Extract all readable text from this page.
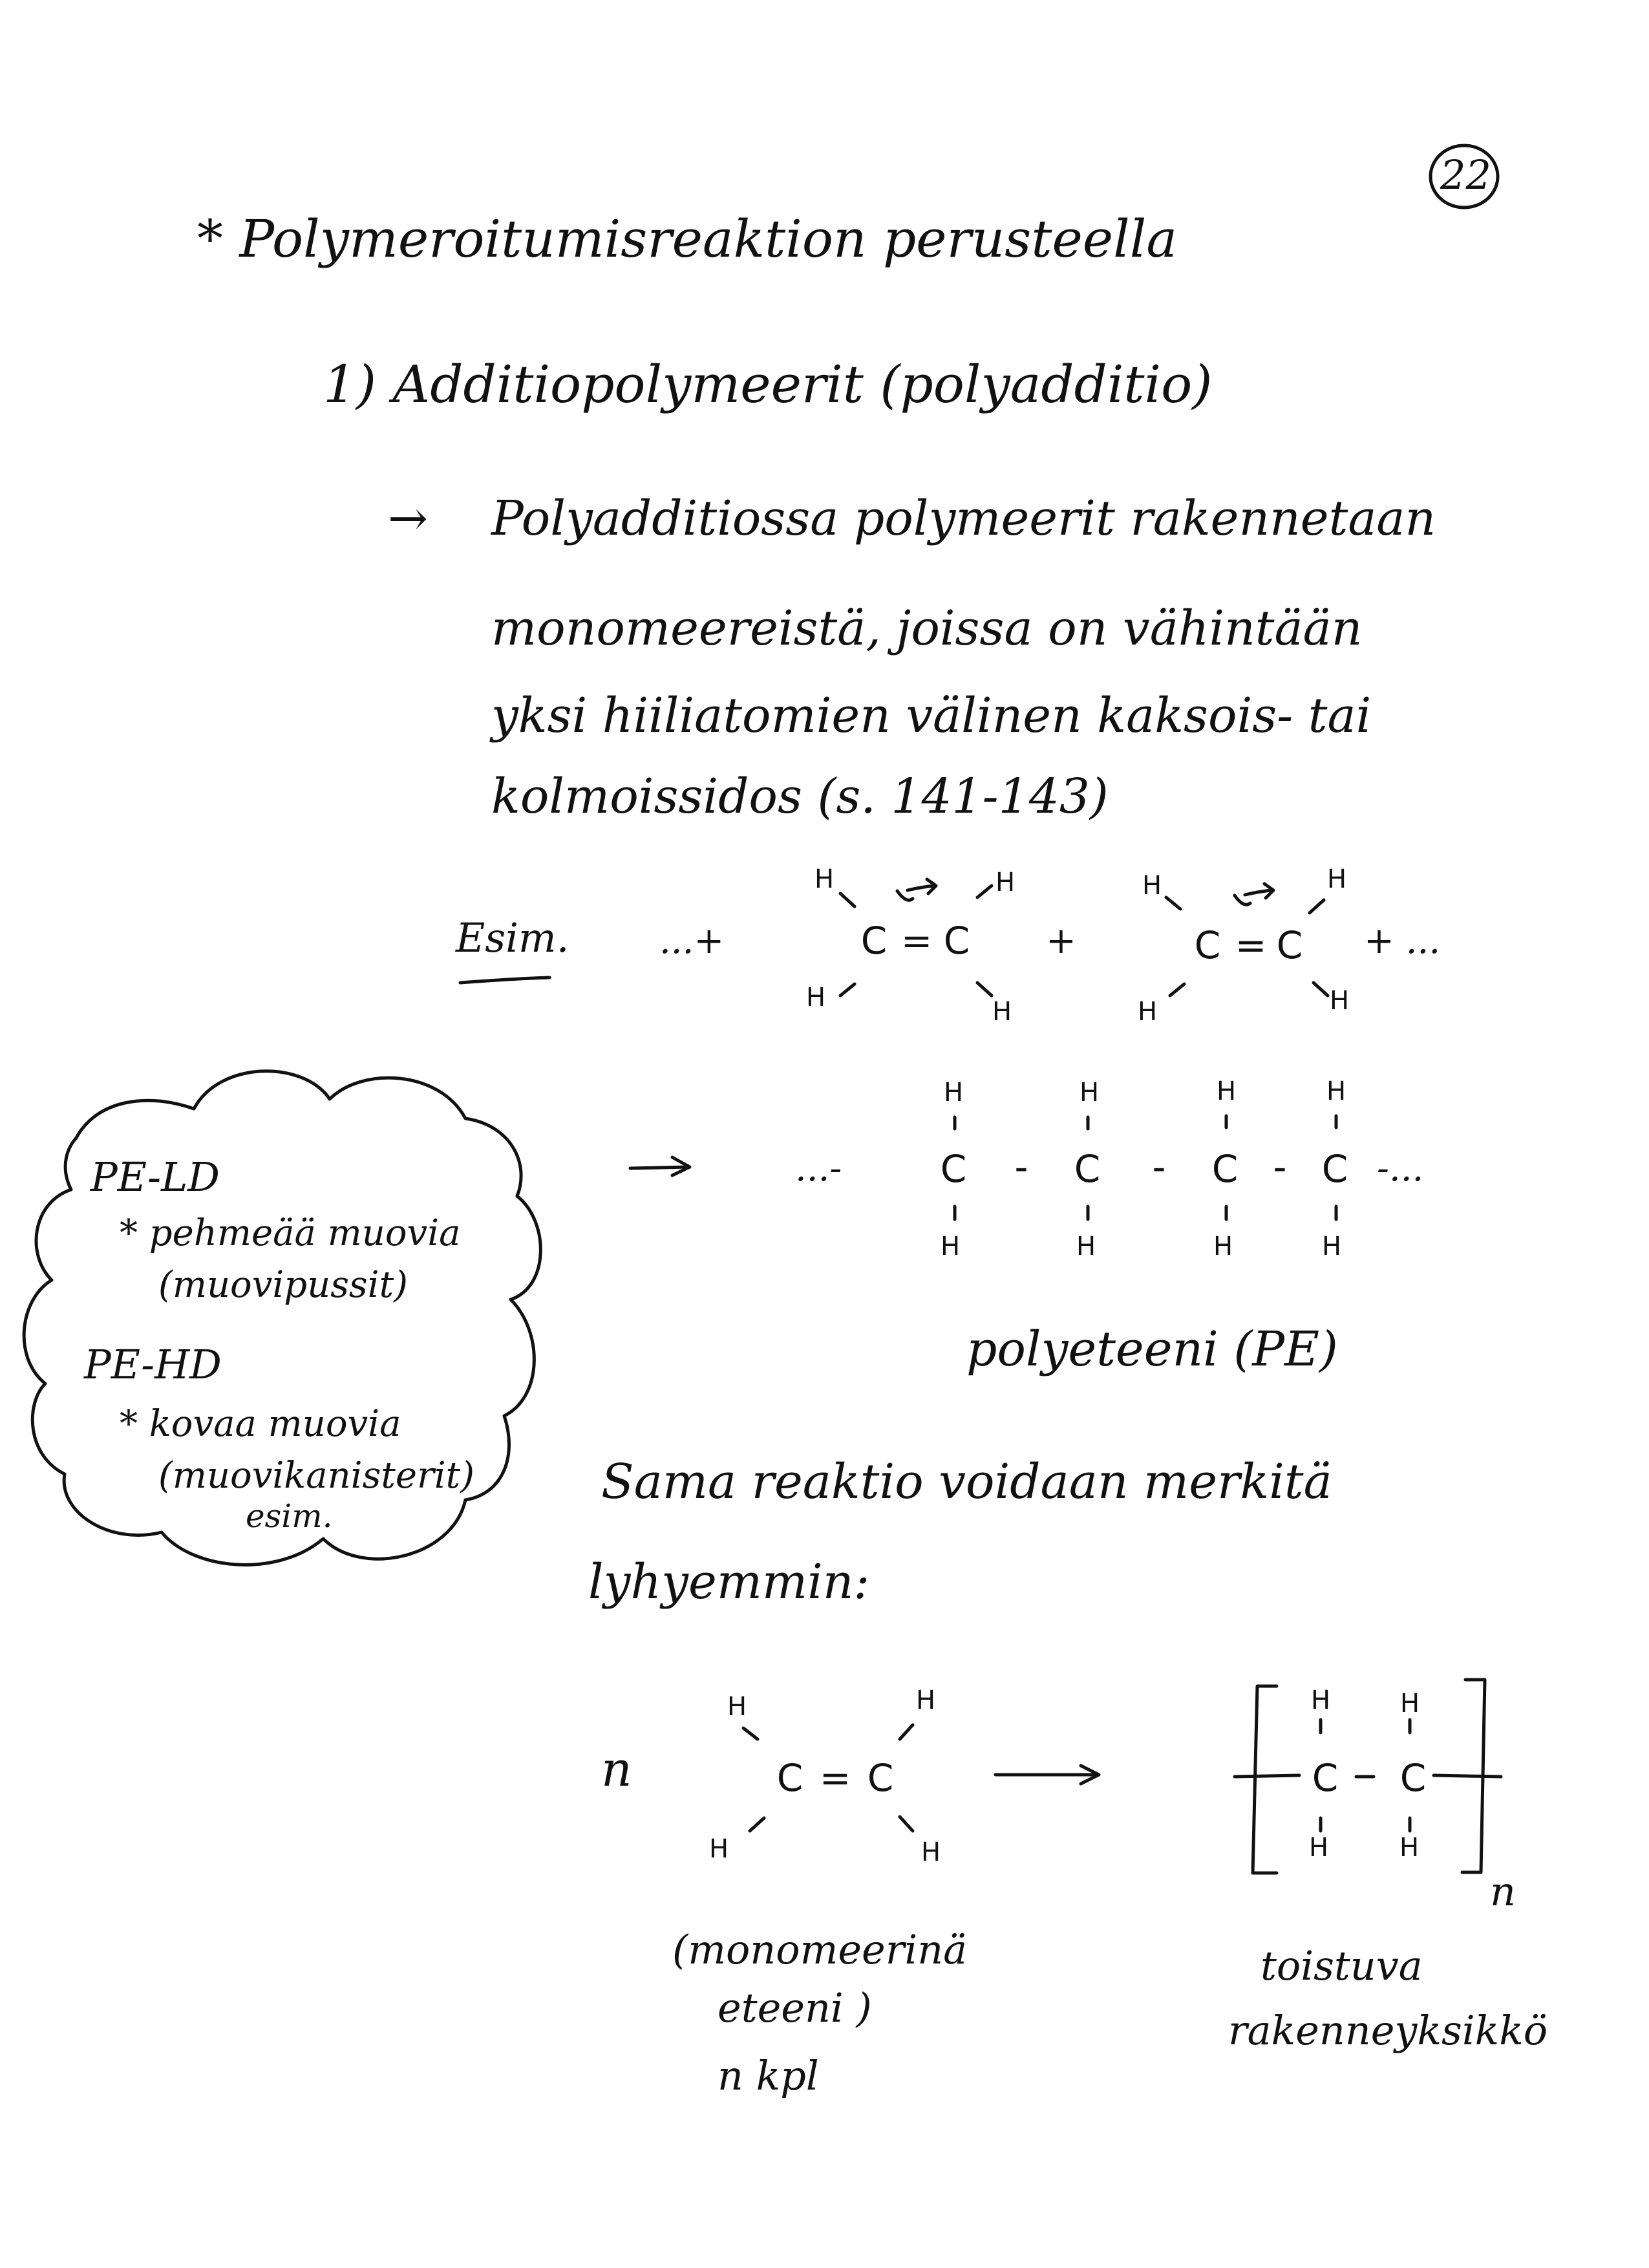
22

* Polymeroitumisreaktion perusteella

1) Additiopolymeerit (polyadditio)

→ Polyadditiossa polymeerit rakennetaan

monomeereistä, joissa on vähintään

yksi hiiliatomien välinen kaksois- tai

kolmoissidos (s. 141-143)

Esim. ...+

H	H
C = C
H	H

+

H	H
C = C
H	H

+ ...

...-

H
C
H
-
H
C
H
-
H
C
H
-
H
C
H

-...

polyeteeni (PE)

PE-LD

* pehmeää muovia

(muovipussit)

PE-HD

* kovaa muovia

(muovikanisterit)

esim.

Sama reaktio voidaan merkitä

lyhyemmin:

n

H	H
C = C
H	H
H	H
C C
H	H

n

(monomeerinä

eteeni )

n kpl

toistuva

rakenneyksikkö
